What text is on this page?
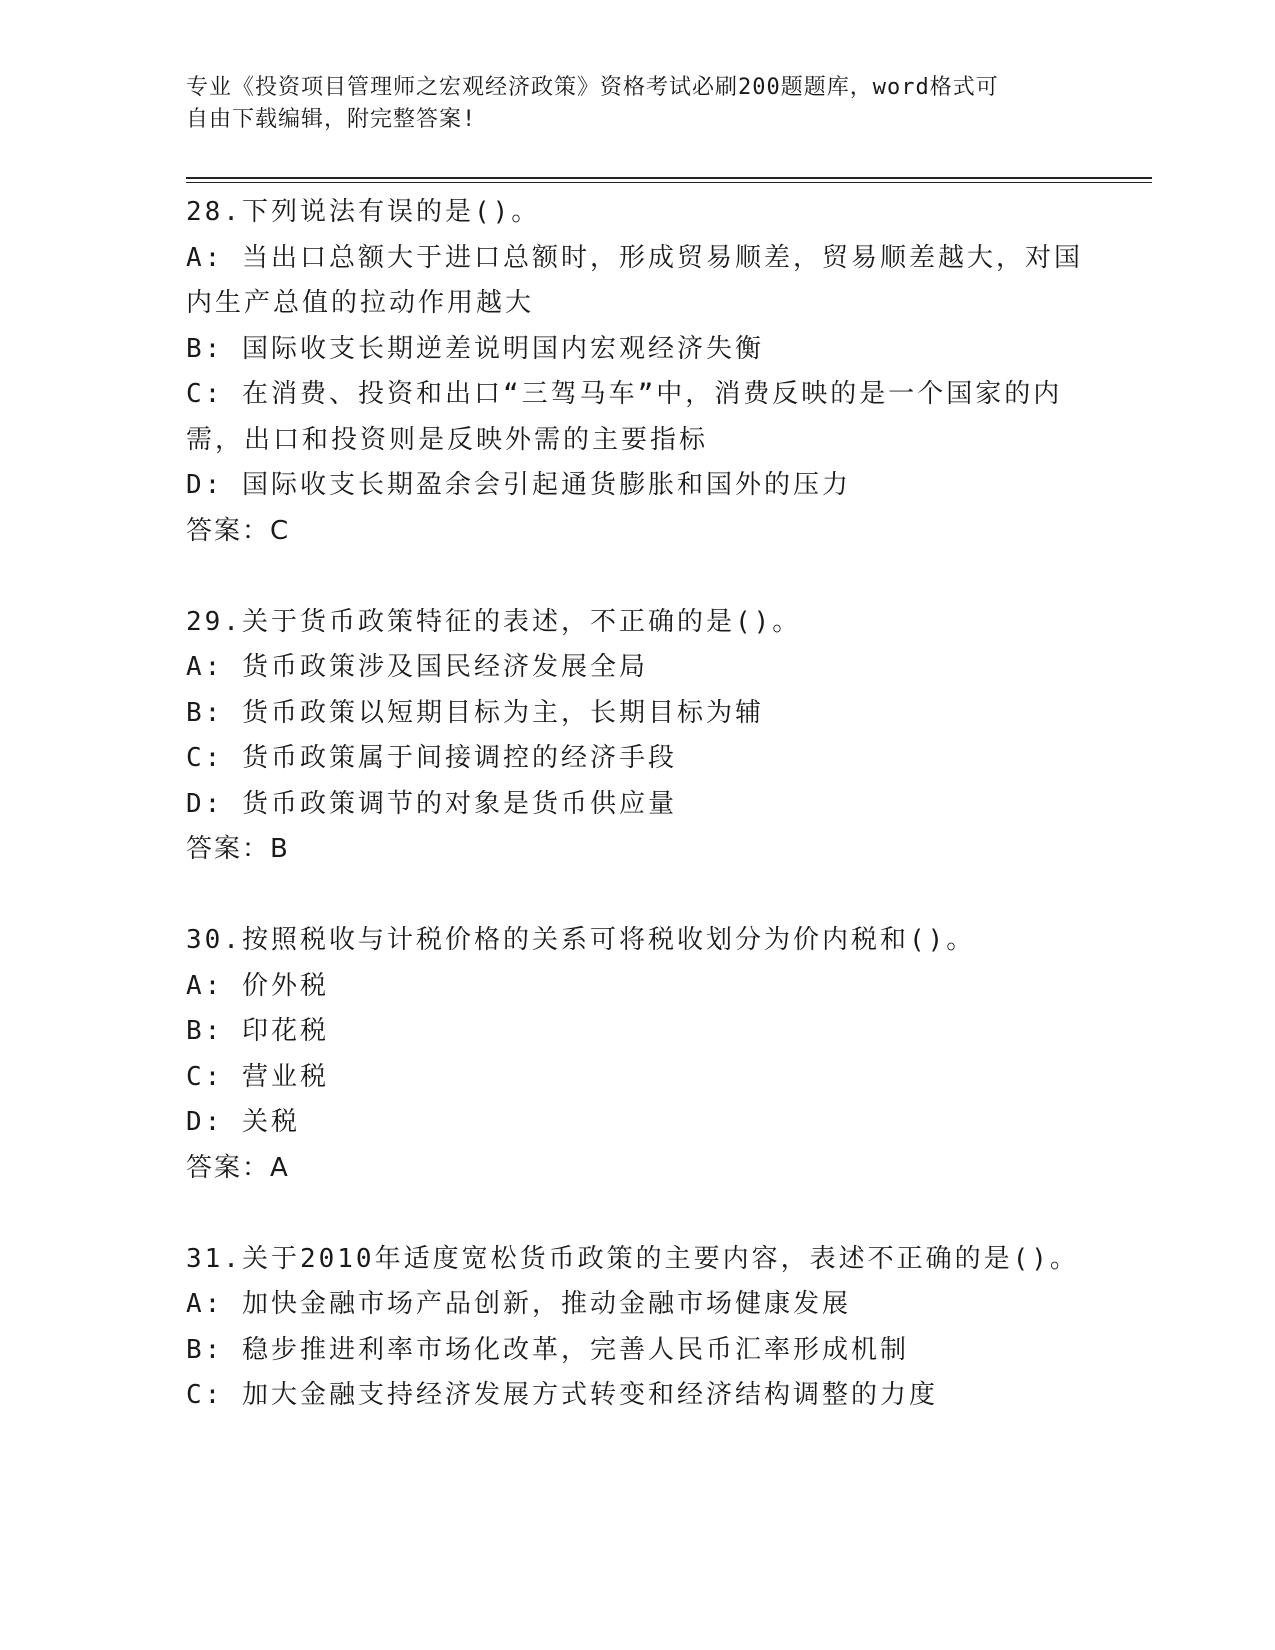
专业《投资项目管理师之宏观经济政策》资格考试必刷200题题库，word格式可
自由下载编辑，附完整答案!

28.下列说法有误的是()。

A: 当出口总额大于进口总额时，形成贸易顺差，贸易顺差越大，对国

内生产总值的拉动作用越大

B: 国际收支长期逆差说明国内宏观经济失衡

C: 在消费、投资和出口“三驾马车”中，消费反映的是一个国家的内

需，出口和投资则是反映外需的主要指标

D: 国际收支长期盈余会引起通货膨胀和国外的压力

答案：C

29.关于货币政策特征的表述，不正确的是()。

A: 货币政策涉及国民经济发展全局

B: 货币政策以短期目标为主，长期目标为辅

C: 货币政策属于间接调控的经济手段

D: 货币政策调节的对象是货币供应量

答案：B

30.按照税收与计税价格的关系可将税收划分为价内税和()。

A: 价外税

B: 印花税

C: 营业税

D: 关税

答案：A

31.关于2010年适度宽松货币政策的主要内容，表述不正确的是()。

A: 加快金融市场产品创新，推动金融市场健康发展

B: 稳步推进利率市场化改革，完善人民币汇率形成机制

C: 加大金融支持经济发展方式转变和经济结构调整的力度
